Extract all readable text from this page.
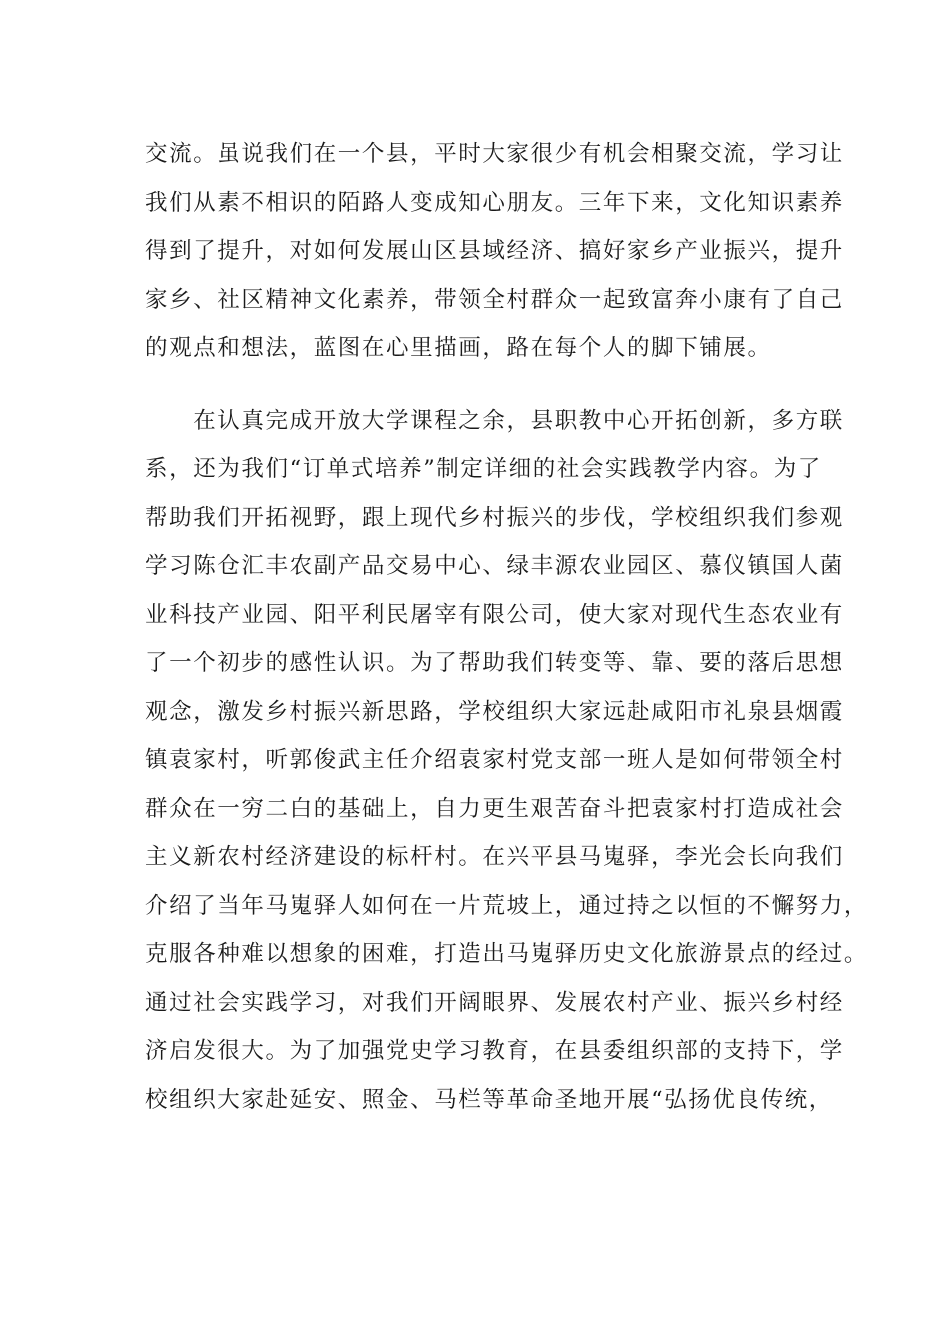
交流。虽说我们在一个县，平时大家很少有机会相聚交流，学习让
我们从素不相识的陌路人变成知心朋友。三年下来，文化知识素养
得到了提升，对如何发展山区县域经济、搞好家乡产业振兴，提升
家乡、社区精神文化素养，带领全村群众一起致富奔小康有了自己
的观点和想法，蓝图在心里描画，路在每个人的脚下铺展。
　　在认真完成开放大学课程之余，县职教中心开拓创新，多方联
系，还为我们“订单式培养”制定详细的社会实践教学内容。为了
帮助我们开拓视野，跟上现代乡村振兴的步伐，学校组织我们参观
学习陈仓汇丰农副产品交易中心、绿丰源农业园区、慕仪镇国人菌
业科技产业园、阳平利民屠宰有限公司，使大家对现代生态农业有
了一个初步的感性认识。为了帮助我们转变等、靠、要的落后思想
观念，激发乡村振兴新思路，学校组织大家远赴咸阳市礼泉县烟霞
镇袁家村，听郭俊武主任介绍袁家村党支部一班人是如何带领全村
群众在一穷二白的基础上，自力更生艰苦奋斗把袁家村打造成社会
主义新农村经济建设的标杆村。在兴平县马嵬驿，李光会长向我们
介绍了当年马嵬驿人如何在一片荒坡上，通过持之以恒的不懈努力，
克服各种难以想象的困难，打造出马嵬驿历史文化旅游景点的经过。
通过社会实践学习，对我们开阔眼界、发展农村产业、振兴乡村经
济启发很大。为了加强党史学习教育，在县委组织部的支持下，学
校组织大家赴延安、照金、马栏等革命圣地开展“弘扬优良传统，
